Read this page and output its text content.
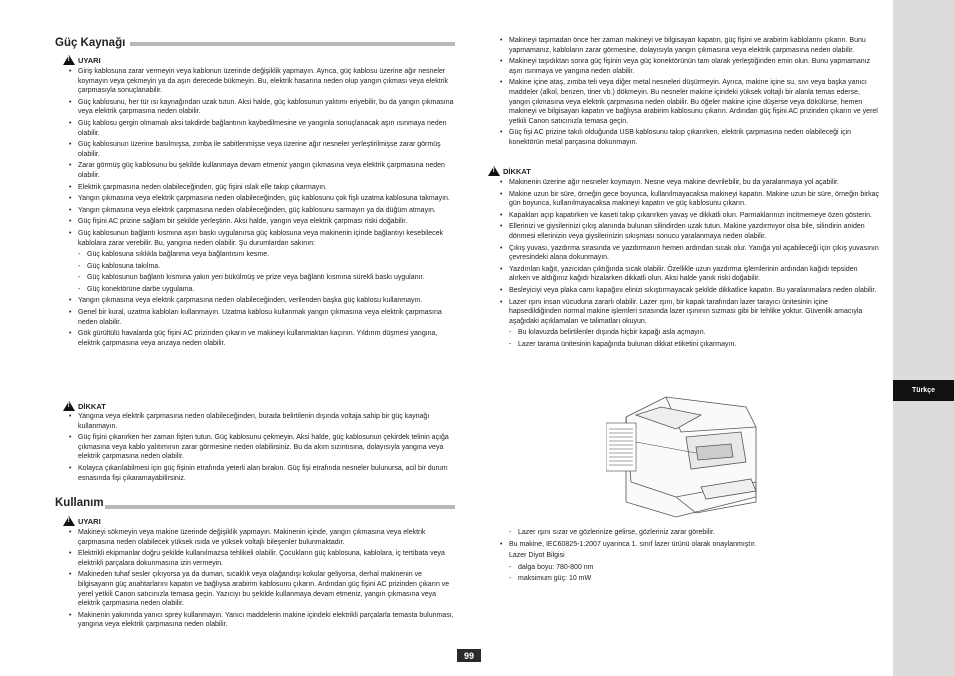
Güç Kaynağı
!
UYARI
• Giriş kablosuna zarar vermeyin veya kablonun üzerinde değişiklik yapmayın. Ayrıca, güç kablosu üzerine ağır nesneler koymayın veya çekmeyin ya da aşırı derecede bükmeyin. Bu, elektrik hasarına neden olup yangın çıkması veya elektrik çarpmasıyla sonuçlanabilir.
• Güç kablosunu, her tür ısı kaynağından uzak tutun. Aksi halde, güç kablosunun yalıtımı eriyebilir, bu da yangın çıkmasına veya elektrik çarpmasına neden olabilir.
• Güç kablosu gergin olmamalı aksi takdirde bağlantının kaybedilmesine ve yangınla sonuçlanacak aşırı ısınmaya neden olabilir.
• Güç kablosunun üzerine basılmışsa, zımba ile sabitlenmişse veya üzerine ağır nesneler yerleştirilmişse zarar görmüş olabilir.
• Zarar görmüş güç kablosunu bu şekilde kullanmaya devam etmeniz yangın çıkmasına veya elektrik çarpmasına neden olabilir.
• Elektrik çarpmasına neden olabileceğinden, güç fişini ıslak elle takıp çıkarmayın.
• Yangın çıkmasına veya elektrik çarpmasına neden olabileceğinden, güç kablosunu çok fişli uzatma kablosuna takmayın.
• Yangın çıkmasına veya elektrik çarpmasına neden olabileceğinden, güç kablosunu sarmayın ya da düğüm atmayın.
• Güç fişini AC prizine sağlam bir şekilde yerleştirin. Aksi halde, yangın veya elektrik çarpması riski doğabilir.
• Güç kablosunun bağlantı kısmına aşırı baskı uygulanırsa güç kablosuna veya makinenin içinde bağlantıyı kesebilecek kablolara zarar verebilir. Bu, yangına neden olabilir. Şu durumlardan sakının:
- Güç kablosuna sıklıkla bağlanma veya bağlantısını kesme.
- Güç kablosuna takılma.
- Güç kablosunun bağlantı kısmına yakın yeri bükülmüş ve prize veya bağlantı kısmına sürekli baskı uygulanır.
- Güç konektörüne darbe uygulama.
• Yangın çıkmasına veya elektrik çarpmasına neden olabileceğinden, verilenden başka güç kablosu kullanmayın.
• Genel bir kural, uzatma kabloları kullanmayın. Uzatma kablosu kullanmak yangın çıkmasına veya elektrik çarpmasına neden olabilir.
• Gök gürültülü havalarda güç fişini AC prizinden çıkarın ve makineyi kullanmaktan kaçının. Yıldırım düşmesi yangına, elektrik çarpmasına veya arızaya neden olabilir.
!
DİKKAT
• Yangına veya elektrik çarpmasına neden olabileceğinden, burada belirtilenin dışında voltaja sahip bir güç kaynağı kullanmayın.
• Güç fişini çıkarırken her zaman fişten tutun. Güç kablosunu çekmeyin. Aksi halde, güç kablosunun çekirdek telinin açığa çıkmasına veya kablo yalıtımının zarar görmesine neden olabilirsiniz. Bu da akım sızıntısına, dolayısıyla yangına veya elektrik çarpmasına neden olabilir.
• Kolayca çıkarılabilmesi için güç fişinin etrafında yeterli alan bırakın. Güç fişi etrafında nesneler bulunursa, acil bir durum esnasında fişi çıkaramayabilirsiniz.
Kullanım
!
UYARI
• Makineyi sökmeyin veya makine üzerinde değişiklik yapmayın. Makinenin içinde, yangın çıkmasına veya elektrik çarpmasına neden olabilecek yüksek ısıda ve yüksek voltajlı bileşenler bulunmaktadır.
• Elektrikli ekipmanlar doğru şekilde kullanılmazsa tehlikeli olabilir. Çocukların güç kablosuna, kablolara, iç tertibata veya elektrikli parçalara dokunmasına izin vermeyin.
• Makineden tuhaf sesler çıkıyorsa ya da duman, sıcaklık veya olağandışı kokular geliyorsa, derhal makinenin ve bilgisayarın güç anahtarlarını kapatın ve bağlıysa arabirim kablosunu çıkarın. Ardından güç fişini AC prizinden çıkarın ve yerel yetkili Canon satıcınızla temasa geçin. Yazıcıyı bu şekilde kullanmaya devam etmeniz, yangın çıkmasına veya elektrik çarpmasına neden olabilir.
• Makinenin yakınında yanıcı sprey kullanmayın. Yanıcı maddelerin makine içindeki elektrikli parçalarla temasta bulunması, yangına veya elektrik çarpmasına neden olabilir.
• Makineyi taşımadan önce her zaman makineyi ve bilgisayarı kapatın, güç fişini ve arabirim kablolarını çıkarın. Bunu yapmamanız, kabloların zarar görmesine, dolayısıyla yangın çıkmasına veya elektrik çarpmasına neden olabilir.
• Makineyi taşıdıktan sonra güç fişinin veya güç konektörünün tam olarak yerleştiğinden emin olun. Bunu yapmamanız aşırı ısınmaya ve yangına neden olabilir.
• Makine içine ataş, zımba teli veya diğer metal nesneleri düşürmeyin. Ayrıca, makine içine su, sıvı veya başka yanıcı maddeler (alkol, benzen, tiner vb.) dökmeyin. Bu nesneler makine içindeki yüksek voltajlı bir alanla temas ederse, yangın çıkmasına veya elektrik çarpmasına neden olabilir. Bu öğeler makine içine düşerse veya dökülürse, hemen makineyi ve bilgisayarı kapatın ve bağlıysa arabirim kablosunu çıkarın. Ardından güç fişini AC prizinden çıkarın ve yerel yetkili Canon satıcınızla temasa geçin.
• Güç fişi AC prizine takılı olduğunda USB kablosunu takıp çıkarırken, elektrik çarpmasına neden olabileceği için konektörün metal parçasına dokunmayın.
!
DİKKAT
• Makinenin üzerine ağır nesneler koymayın. Nesne veya makine devrilebilir, bu da yaralanmaya yol açabilir.
• Makine uzun bir süre, örneğin gece boyunca, kullanılmayacaksa makineyi kapatın. Makine uzun bir süre, örneğin birkaç gün boyunca, kullanılmayacaksa makineyi kapatın ve güç kablosunu çıkarın.
• Kapakları açıp kapatırken ve kaseti takıp çıkarırken yavaş ve dikkatli olun. Parmaklarınızı incitmemeye özen gösterin.
• Ellerinizi ve giysilerinizi çıkış alanında bulunan silindirden uzak tutun. Makine yazdırmıyor olsa bile, silindirin aniden dönmesi ellerinizin veya giysilerinizin sıkışması sonucu yaralanmaya neden olabilir.
• Çıkış yuvası, yazdırma sırasında ve yazdırmanın hemen ardından sıcak olur. Yanığa yol açabileceği için çıkış yuvasının çevresindeki alana dokunmayın.
• Yazdırılan kağıt, yazıcıdan çıktığında sıcak olabilir. Özellikle uzun yazdırma işlemlerinin ardından kağıdı tepsiden alırken ve aldığınız kağıdı hizalarken dikkatli olun. Aksi halde yanık riski doğabilir.
• Besleyiciyi veya plaka camı kapağını elinizi sıkıştırmayacak şekilde dikkatlice kapatın. Bu yaralanmalara neden olabilir.
• Lazer ışını insan vücuduna zararlı olabilir. Lazer ışını, bir kapak tarafından lazer tarayıcı ünitesinin içine hapsedildiğinden normal makine işlemleri sırasında lazer ışınının sızması gibi bir tehlike yoktur. Güvenlik amacıyla aşağıdaki açıklamaları ve talimatları okuyun.
- Bu kılavuzda belirtilenler dışında hiçbir kapağı asla açmayın.
- Lazer tarama ünitesinin kapağında bulunan dikkat etiketini çıkarmayın.
- Lazer ışını sızar ve gözlerinize gelirse, gözleriniz zarar görebilir.
• Bu makine, IEC60825-1:2007 uyarınca 1. sınıf lazer ürünü olarak onaylanmıştır.
Lazer Diyot Bilgisi
- dalga boyu: 780-800 nm
- maksimum güç: 10 mW
Türkçe
99
